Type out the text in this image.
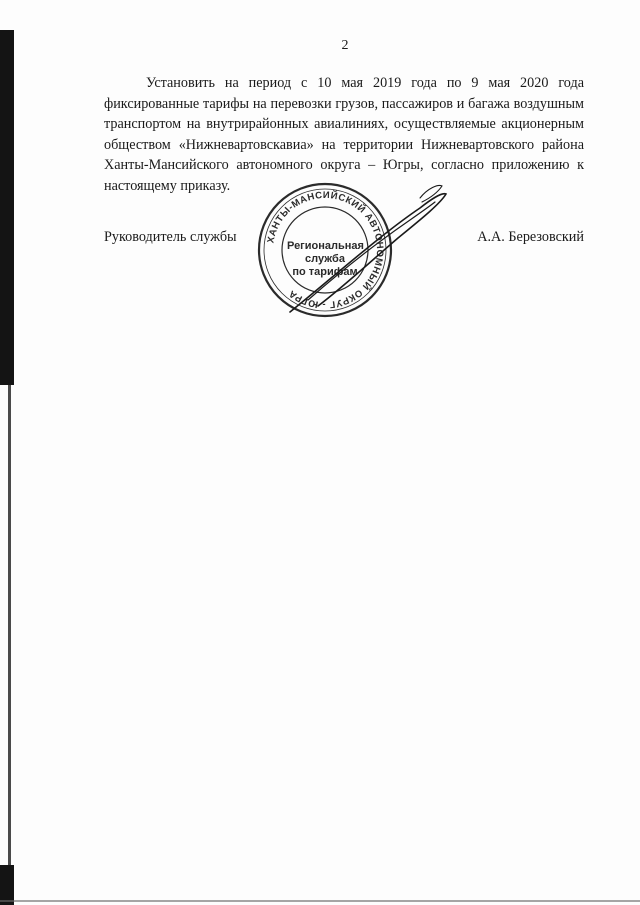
2

Установить на период с 10 мая 2019 года по 9 мая 2020 года фиксированные тарифы на перевозки грузов, пассажиров и багажа воздушным транспортом на внутрирайонных авиалиниях, осуществляемые акционерным обществом «Нижневартовскавиа» на территории Нижневартовского района Ханты-Мансийского автономного округа – Югры, согласно приложению к настоящему приказу.

Руководитель службы	А.А. Березовский
ХАНТЫ-МАНСИЙСКИЙ АВТОНОМНЫЙ ОКРУГ - ЮГРА
Региональная
служба
по тарифам
